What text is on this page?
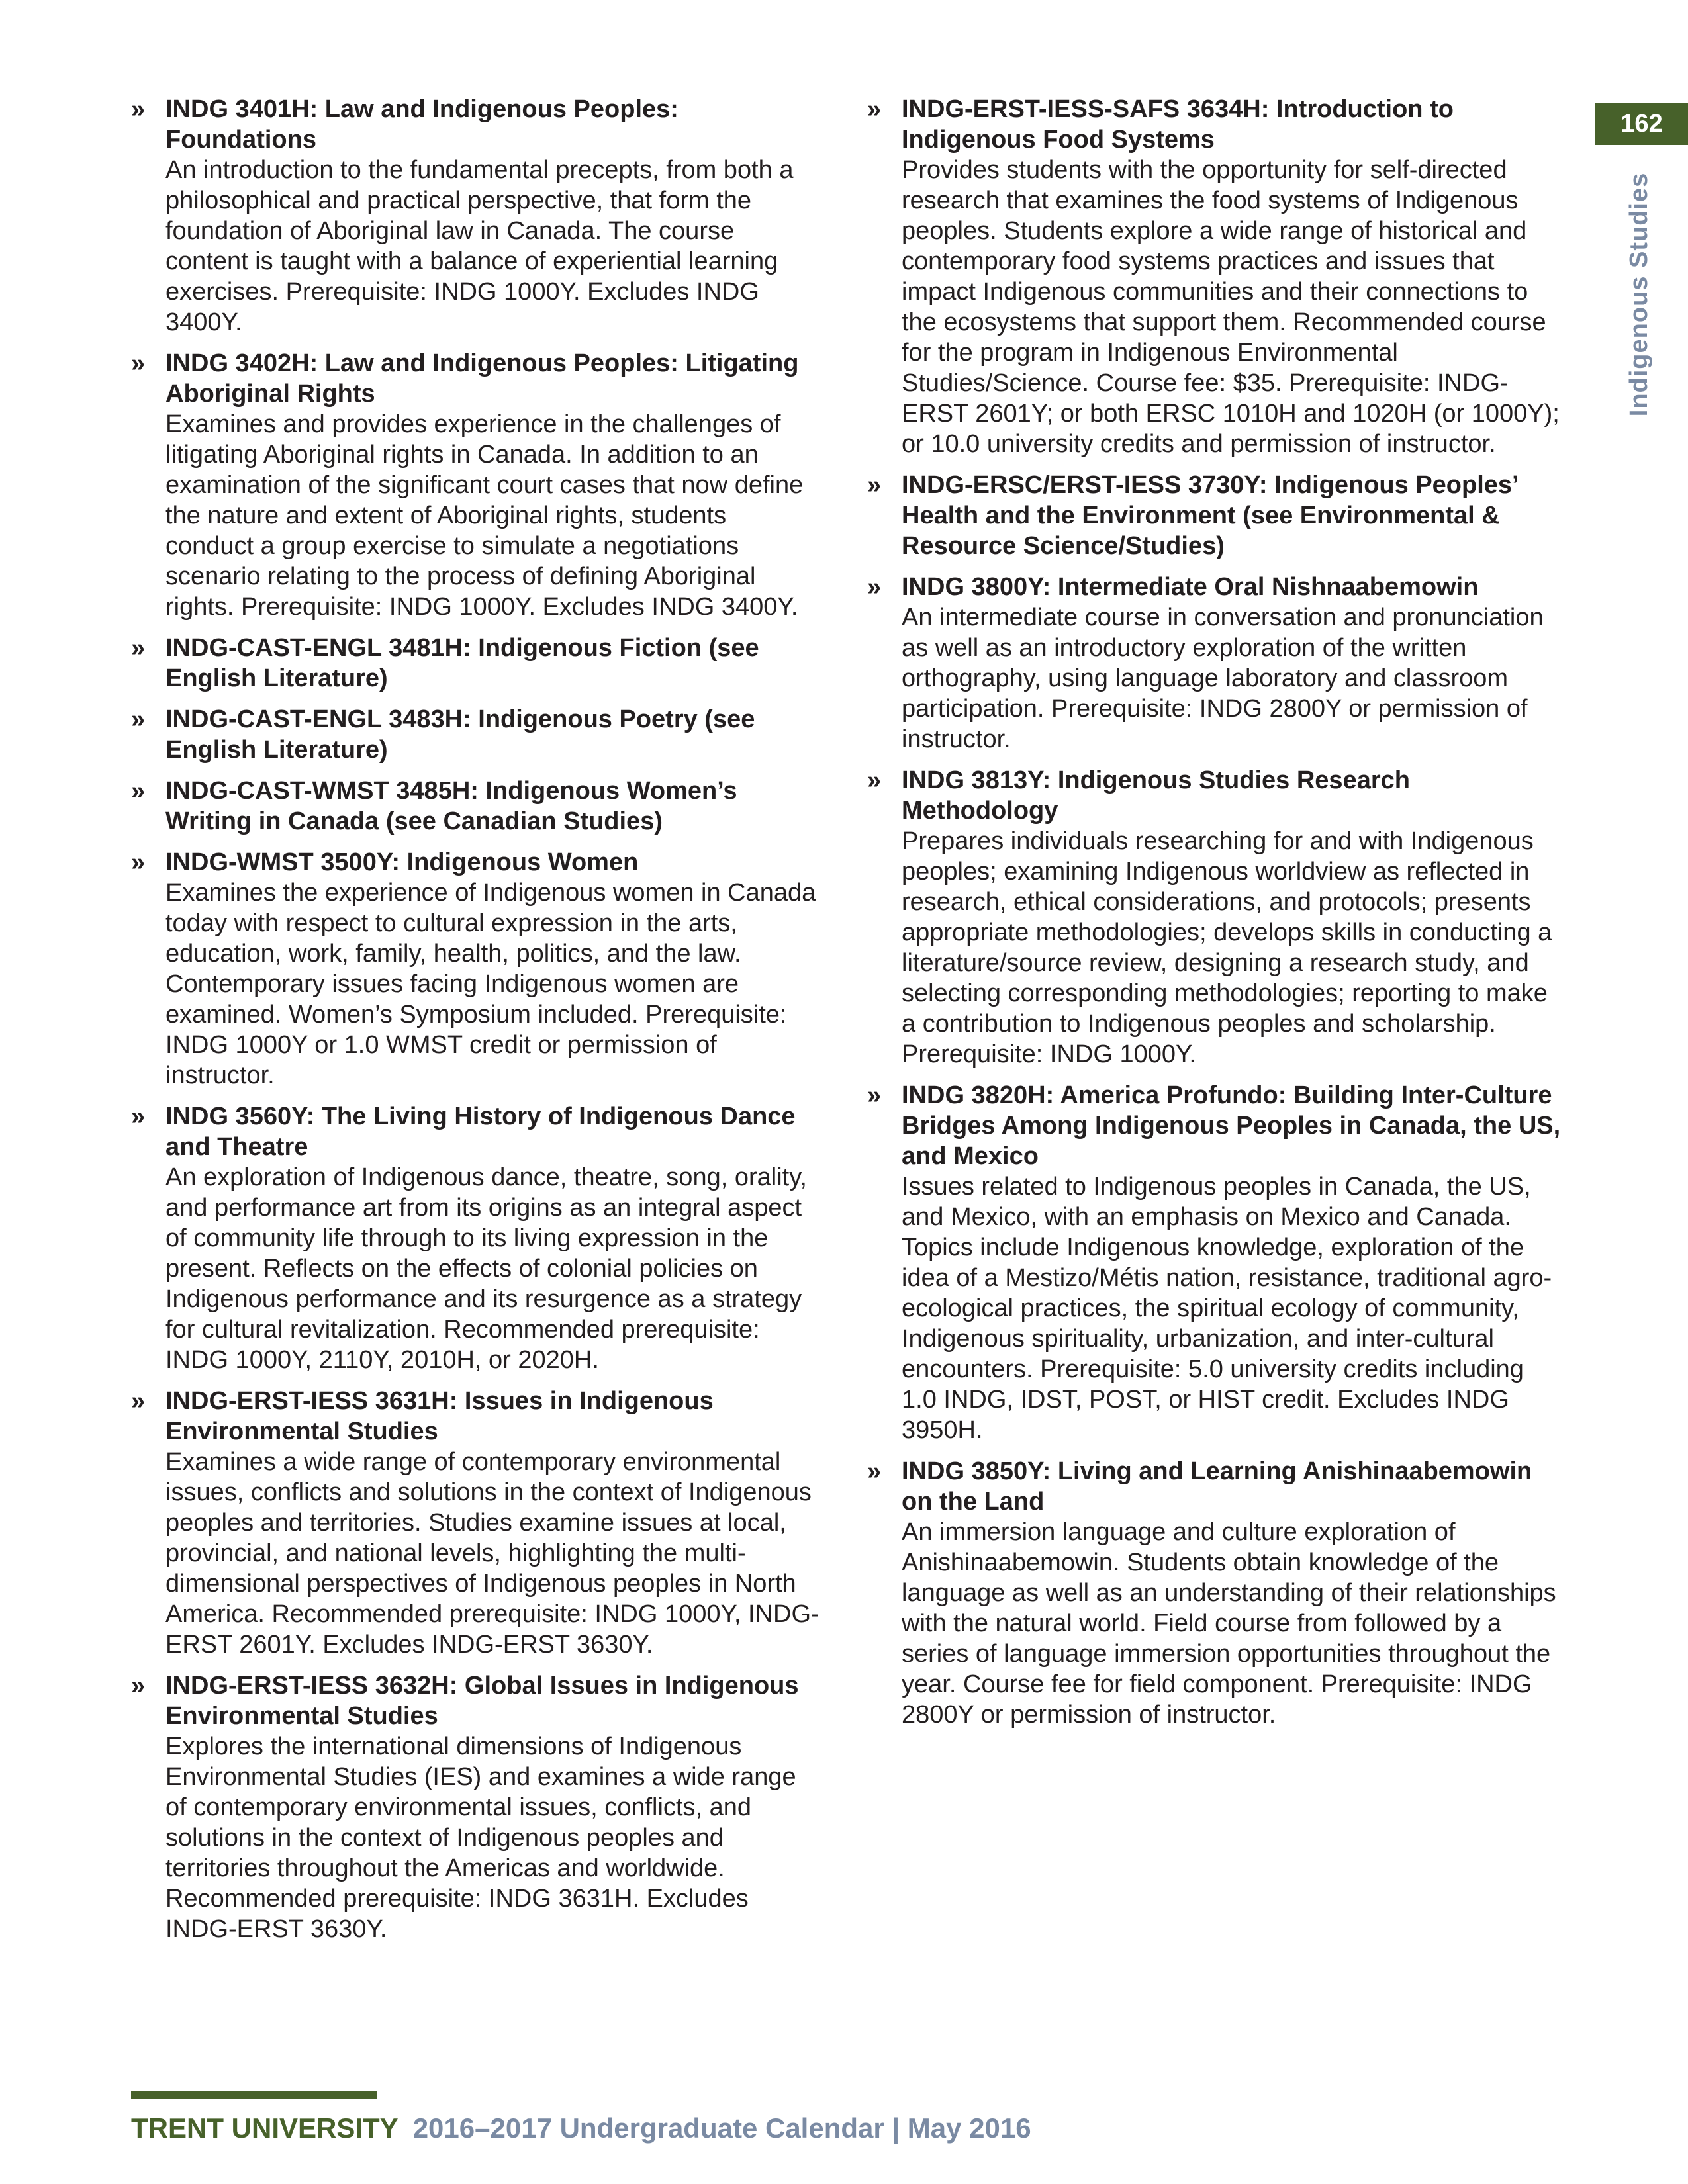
» INDG 3401H: Law and Indigenous Peoples: Foundations
An introduction to the fundamental precepts, from both a philosophical and practical perspective, that form the foundation of Aboriginal law in Canada. The course content is taught with a balance of experiential learning exercises. Prerequisite: INDG 1000Y. Excludes INDG 3400Y.
» INDG 3402H: Law and Indigenous Peoples: Litigating Aboriginal Rights
Examines and provides experience in the challenges of litigating Aboriginal rights in Canada. In addition to an examination of the significant court cases that now define the nature and extent of Aboriginal rights, students conduct a group exercise to simulate a negotiations scenario relating to the process of defining Aboriginal rights. Prerequisite: INDG 1000Y. Excludes INDG 3400Y.
» INDG-CAST-ENGL 3481H: Indigenous Fiction (see English Literature)
» INDG-CAST-ENGL 3483H: Indigenous Poetry (see English Literature)
» INDG-CAST-WMST 3485H: Indigenous Women’s Writing in Canada (see Canadian Studies)
» INDG-WMST 3500Y: Indigenous Women
Examines the experience of Indigenous women in Canada today with respect to cultural expression in the arts, education, work, family, health, politics, and the law. Contemporary issues facing Indigenous women are examined. Women’s Symposium included. Prerequisite: INDG 1000Y or 1.0 WMST credit or permission of instructor.
» INDG 3560Y: The Living History of Indigenous Dance and Theatre
An exploration of Indigenous dance, theatre, song, orality, and performance art from its origins as an integral aspect of community life through to its living expression in the present. Reflects on the effects of colonial policies on Indigenous performance and its resurgence as a strategy for cultural revitalization. Recommended prerequisite: INDG 1000Y, 2110Y, 2010H, or 2020H.
» INDG-ERST-IESS 3631H: Issues in Indigenous Environmental Studies
Examines a wide range of contemporary environmental issues, conflicts and solutions in the context of Indigenous peoples and territories. Studies examine issues at local, provincial, and national levels, highlighting the multi-dimensional perspectives of Indigenous peoples in North America. Recommended prerequisite: INDG 1000Y, INDG-ERST 2601Y. Excludes INDG-ERST 3630Y.
» INDG-ERST-IESS 3632H: Global Issues in Indigenous Environmental Studies
Explores the international dimensions of Indigenous Environmental Studies (IES) and examines a wide range of contemporary environmental issues, conflicts, and solutions in the context of Indigenous peoples and territories throughout the Americas and worldwide. Recommended prerequisite: INDG 3631H. Excludes INDG-ERST 3630Y.
» INDG-ERST-IESS-SAFS 3634H: Introduction to Indigenous Food Systems
Provides students with the opportunity for self-directed research that examines the food systems of Indigenous peoples. Students explore a wide range of historical and contemporary food systems practices and issues that impact Indigenous communities and their connections to the ecosystems that support them. Recommended course for the program in Indigenous Environmental Studies/Science. Course fee: $35. Prerequisite: INDG-ERST 2601Y; or both ERSC 1010H and 1020H (or 1000Y); or 10.0 university credits and permission of instructor.
» INDG-ERSC/ERST-IESS 3730Y: Indigenous Peoples’ Health and the Environment (see Environmental & Resource Science/Studies)
» INDG 3800Y: Intermediate Oral Nishnaabemowin
An intermediate course in conversation and pronunciation as well as an introductory exploration of the written orthography, using language laboratory and classroom participation. Prerequisite: INDG 2800Y or permission of instructor.
» INDG 3813Y: Indigenous Studies Research Methodology
Prepares individuals researching for and with Indigenous peoples; examining Indigenous worldview as reflected in research, ethical considerations, and protocols; presents appropriate methodologies; develops skills in conducting a literature/source review, designing a research study, and selecting corresponding methodologies; reporting to make a contribution to Indigenous peoples and scholarship. Prerequisite: INDG 1000Y.
» INDG 3820H: America Profundo: Building Inter-Culture Bridges Among Indigenous Peoples in Canada, the US, and Mexico
Issues related to Indigenous peoples in Canada, the US, and Mexico, with an emphasis on Mexico and Canada. Topics include Indigenous knowledge, exploration of the idea of a Mestizo/Métis nation, resistance, traditional agro-ecological practices, the spiritual ecology of community, Indigenous spirituality, urbanization, and inter-cultural encounters. Prerequisite: 5.0 university credits including 1.0 INDG, IDST, POST, or HIST credit. Excludes INDG 3950H.
» INDG 3850Y: Living and Learning Anishinaabemowin on the Land
An immersion language and culture exploration of Anishinaabemowin. Students obtain knowledge of the language as well as an understanding of their relationships with the natural world. Field course from followed by a series of language immersion opportunities throughout the year. Course fee for field component. Prerequisite: INDG 2800Y or permission of instructor.
162
Indigenous Studies
TRENT UNIVERSITY 2016–2017 Undergraduate Calendar | May 2016
